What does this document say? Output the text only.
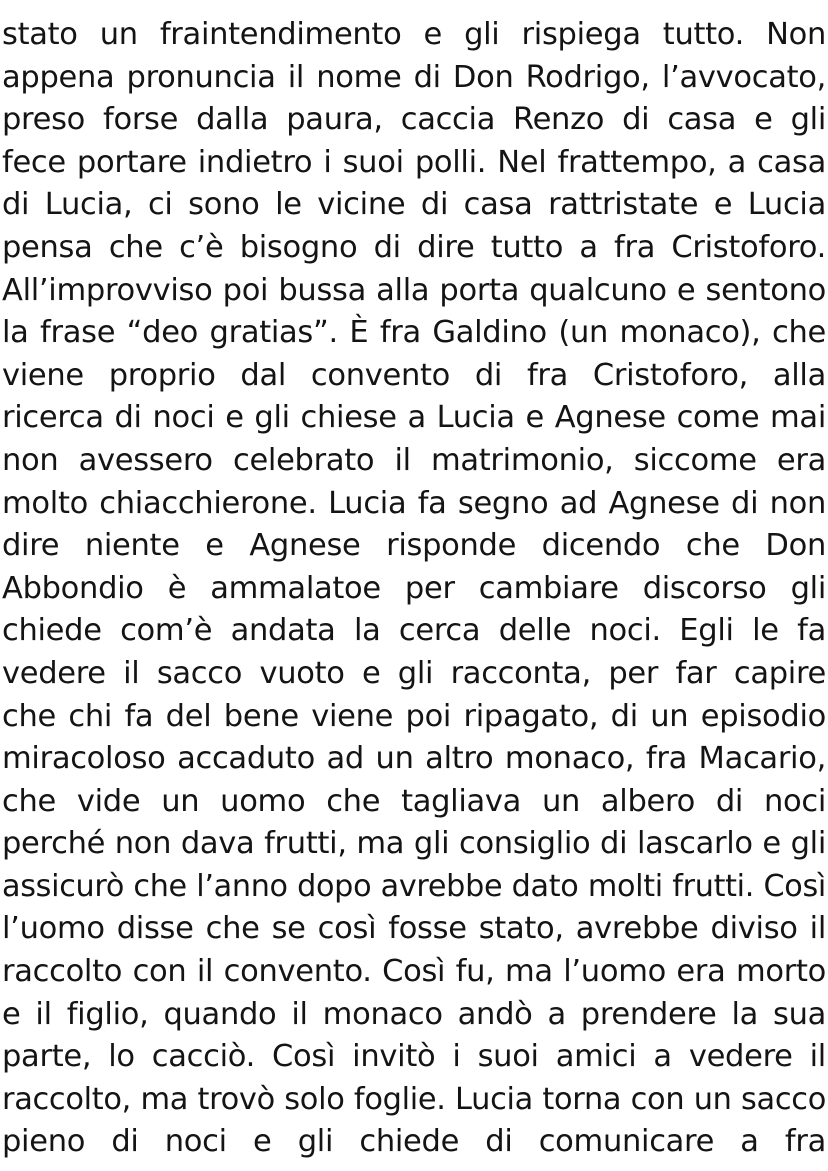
stato un fraintendimento e gli rispiega tutto. Non
appena pronuncia il nome di Don Rodrigo, l’avvocato,
preso forse dalla paura, caccia Renzo di casa e gli
fece portare indietro i suoi polli. Nel frattempo, a casa
di Lucia, ci sono le vicine di casa rattristate e Lucia
pensa che c’è bisogno di dire tutto a fra Cristoforo.
All’improvviso poi bussa alla porta qualcuno e sentono
la frase “deo gratias”. È fra Galdino (un monaco), che
viene proprio dal convento di fra Cristoforo, alla
ricerca di noci e gli chiese a Lucia e Agnese come mai
non avessero celebrato il matrimonio, siccome era
molto chiacchierone. Lucia fa segno ad Agnese di non
dire niente e Agnese risponde dicendo che Don
Abbondio è ammalatoe per cambiare discorso gli
chiede com’è andata la cerca delle noci. Egli le fa
vedere il sacco vuoto e gli racconta, per far capire
che chi fa del bene viene poi ripagato, di un episodio
miracoloso accaduto ad un altro monaco, fra Macario,
che vide un uomo che tagliava un albero di noci
perché non dava frutti, ma gli consiglio di lascarlo e gli
assicurò che l’anno dopo avrebbe dato molti frutti. Così
l’uomo disse che se così fosse stato, avrebbe diviso il
raccolto con il convento. Così fu, ma l’uomo era morto
e il figlio, quando il monaco andò a prendere la sua
parte, lo cacciò. Così invitò i suoi amici a vedere il
raccolto, ma trovò solo foglie. Lucia torna con un sacco
pieno di noci e gli chiede di comunicare a fra
